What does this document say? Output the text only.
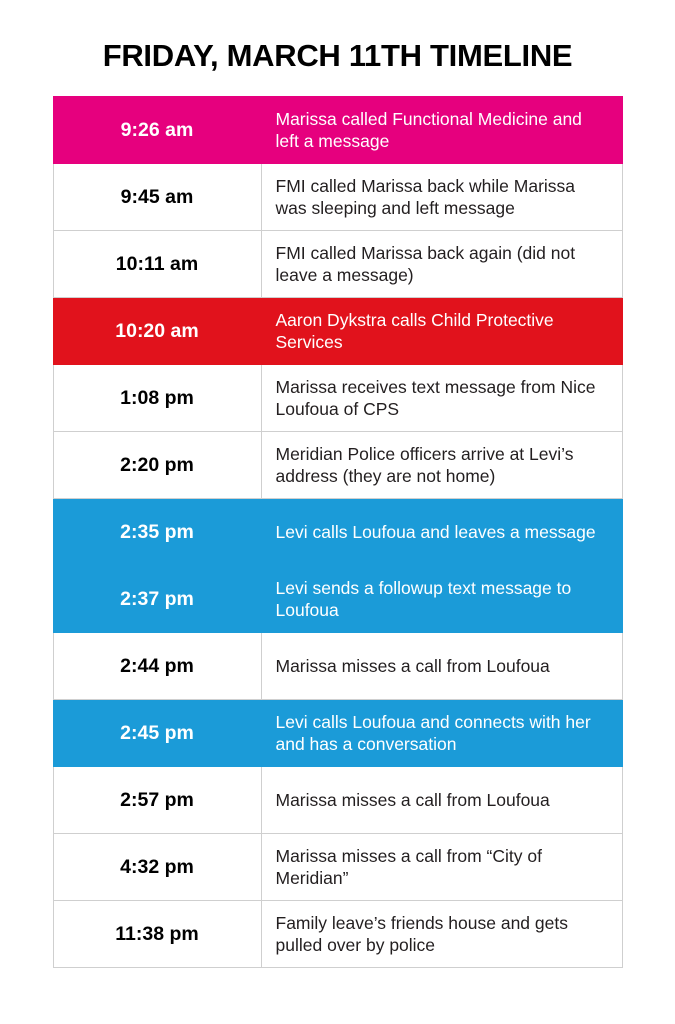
FRIDAY, MARCH 11TH TIMELINE
9:26 am	Marissa called Functional Medicine and left a message
9:45 am	FMI called Marissa back while Marissa was sleeping and left message
10:11 am	FMI called Marissa back again (did not leave a message)
10:20 am	Aaron Dykstra calls Child Protective Services
1:08 pm	Marissa receives text message from Nice Loufoua of CPS
2:20 pm	Meridian Police officers arrive at Levi’s address (they are not home)
2:35 pm	Levi calls Loufoua and leaves a message
2:37 pm	Levi sends a followup text message to Loufoua
2:44 pm	Marissa misses a call from Loufoua
2:45 pm	Levi calls Loufoua and connects with her and has a conversation
2:57 pm	Marissa misses a call from Loufoua
4:32 pm	Marissa misses a call from “City of Meridian”
11:38 pm	Family leave’s friends house and gets pulled over by police
